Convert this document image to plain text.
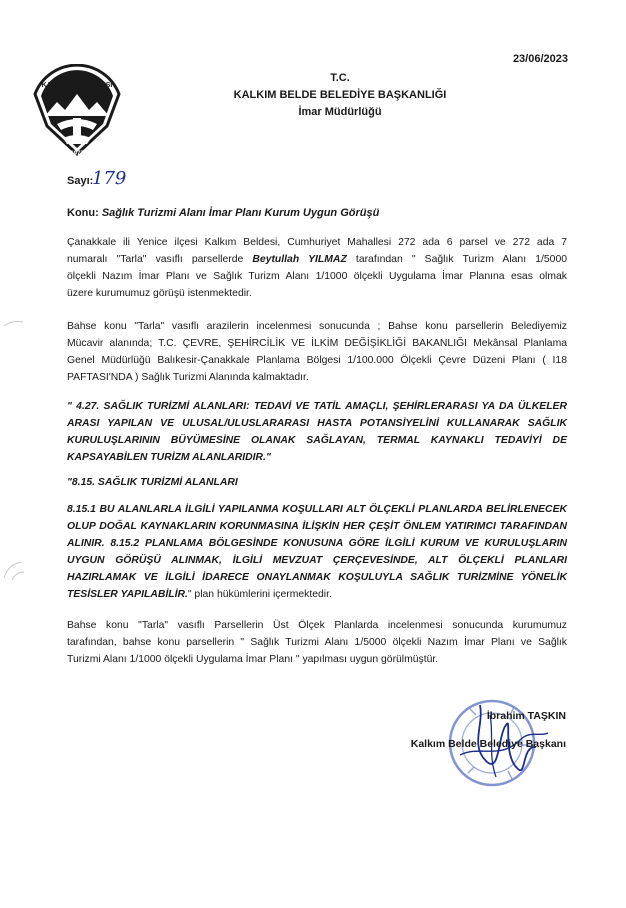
23/06/2023
KALKIM BELEDİYESİ
1977
T.C.
KALKIM BELDE BELEDİYE BAŞKANLIĞI
İmar Müdürlüğü
Sayı:
179
Konu: Sağlık Turizmi Alanı İmar Planı Kurum Uygun Görüşü
Çanakkale ili Yenice ilçesi Kalkım Beldesi, Cumhuriyet Mahallesi 272 ada 6 parsel ve 272 ada 7
numaralı "Tarla" vasıflı parsellerde Beytullah YILMAZ tarafından " Sağlık Turizm Alanı 1/5000
ölçekli Nazım İmar Planı ve Sağlık Turizm Alanı 1/1000 ölçekli Uygulama İmar Planına esas olmak
üzere kurumumuz görüşü istenmektedir.
Bahse konu "Tarla" vasıflı arazilerin incelenmesi sonucunda ; Bahse konu parsellerin Belediyemiz
Mücavir alanında; T.C. ÇEVRE, ŞEHİRCİLİK VE İLKİM DEĞİŞİKLİĞİ BAKANLIĞI Mekânsal Planlama
Genel Müdürlüğü Balıkesir-Çanakkale Planlama Bölgesi 1/100.000 Ölçekli Çevre Düzeni Planı ( I18
PAFTASI'NDA ) Sağlık Turizmi Alanında kalmaktadır.
" 4.27. SAĞLIK TURİZMİ ALANLARI: TEDAVİ VE TATİL AMAÇLI, ŞEHİRLERARASI YA DA ÜLKELER
ARASI YAPILAN VE ULUSAL/ULUSLARARASI HASTA POTANSİYELİNİ KULLANARAK SAĞLIK
KURULUŞLARININ BÜYÜMESİNE OLANAK SAĞLAYAN, TERMAL KAYNAKLI TEDAVİYİ DE
KAPSAYABİLEN TURİZM ALANLARIDIR."
"8.15. SAĞLIK TURİZMİ ALANLARI
8.15.1 BU ALANLARLA İLGİLİ YAPILANMA KOŞULLARI ALT ÖLÇEKLİ PLANLARDA BELİRLENECEK
OLUP DOĞAL KAYNAKLARIN KORUNMASINA İLİŞKİN HER ÇEŞİT ÖNLEM YATIRIMCI TARAFINDAN
ALINIR. 8.15.2 PLANLAMA BÖLGESİNDE KONUSUNA GÖRE İLGİLİ KURUM VE KURULUŞLARIN
UYGUN GÖRÜŞÜ ALINMAK, İLGİLİ MEVZUAT ÇERÇEVESİNDE, ALT ÖLÇEKLİ PLANLARI
HAZIRLAMAK VE İLGİLİ İDARECE ONAYLANMAK KOŞULUYLA SAĞLIK TURİZMİNE YÖNELİK
TESİSLER YAPILABİLİR." plan hükümlerini içermektedir.
Bahse konu "Tarla" vasıflı Parsellerin Üst Ölçek Planlarda incelenmesi sonucunda kurumumuz
tarafından, bahse konu parsellerin " Sağlık Turizmi Alanı 1/5000 ölçekli Nazım İmar Planı ve Sağlık
Turizmi Alanı 1/1000 ölçekli Uygulama İmar Planı " yapılması uygun görülmüştür.
İbrahim TAŞKIN
Kalkım Belde Belediye Başkanı
